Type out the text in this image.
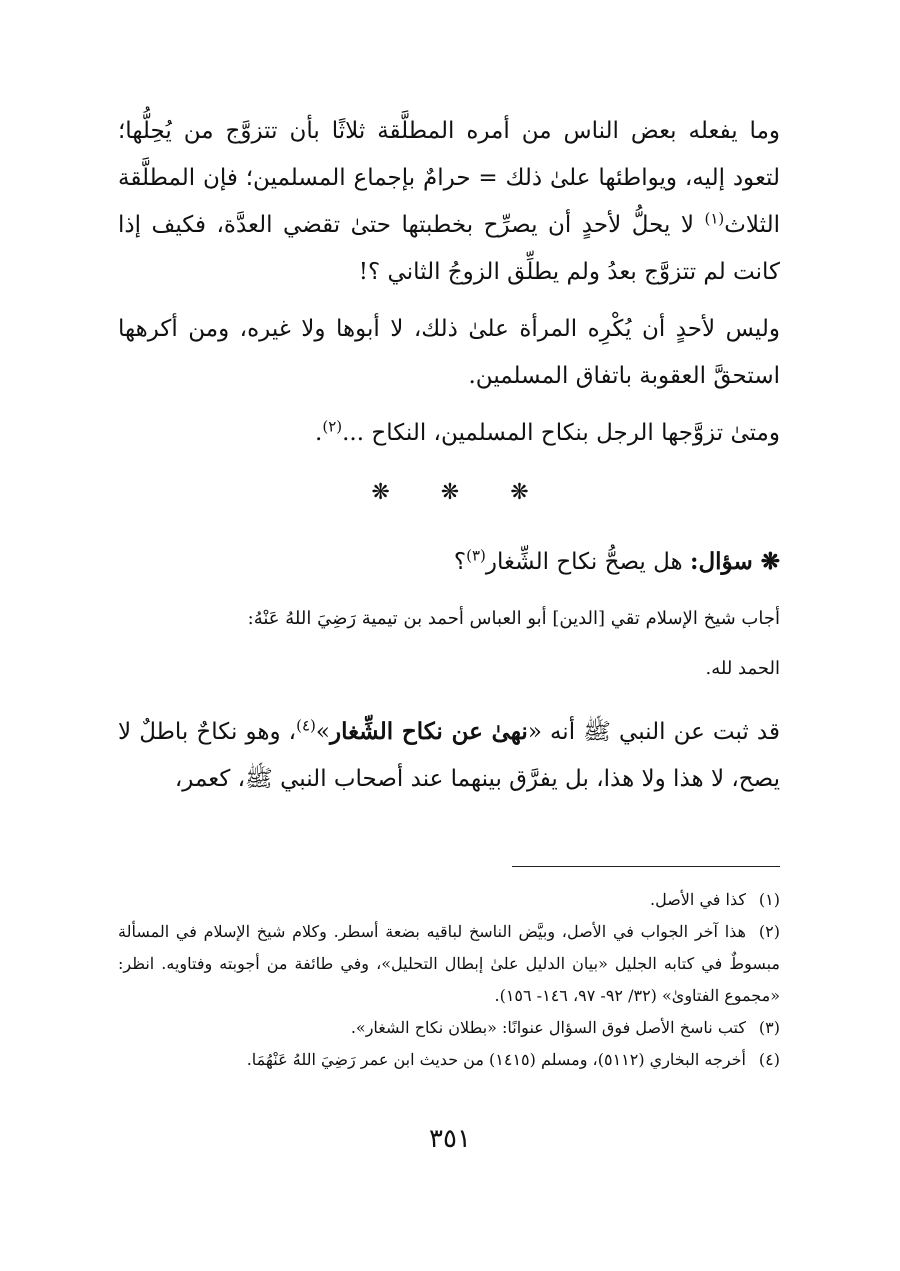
وما يفعله بعض الناس من أمره المطلَّقة ثلاثًا بأن تتزوَّج من يُحِلُّها؛ لتعود إليه، ويواطئها علىٰ ذلك = حرامٌ بإجماع المسلمين؛ فإن المطلَّقة الثلاث$^{(١)}$ لا يحلُّ لأحدٍ أن يصرِّح بخطبتها حتىٰ تقضي العدَّة، فكيف إذا كانت لم تتزوَّج بعدُ ولم يطلِّق الزوجُ الثاني ؟!

وليس لأحدٍ أن يُكْرِه المرأة علىٰ ذلك، لا أبوها ولا غيره، ومن أكرهها استحقَّ العقوبة باتفاق المسلمين.

ومتىٰ تزوَّجها الرجل بنكاح المسلمين، النكاح ...$^{(٢)}$.

❋ ❋ ❋
❋ سؤال: هل يصحُّ نكاح الشِّغار$^{(٣)}$؟
أجاب شيخ الإسلام تقي [الدين] أبو العباس أحمد بن تيمية رَضِيَ اللهُ عَنْهُ:
الحمد لله.
قد ثبت عن النبي ﷺ أنه «نهىٰ عن نكاح الشِّغار»$^{(٤)}$، وهو نكاحٌ باطلٌ لا يصح، لا هذا ولا هذا، بل يفرَّق بينهما عند أصحاب النبي ﷺ، كعمر،

(١)كذا في الأصل.

(٢)هذا آخر الجواب في الأصل، وبيَّض الناسخ لباقيه بضعة أسطر. وكلام شيخ الإسلام في المسألة مبسوطٌ في كتابه الجليل «بيان الدليل علىٰ إبطال التحليل»، وفي طائفة من أجوبته وفتاويه. انظر: «مجموع الفتاوىٰ» (٣٢/ ٩٢- ٩٧، ١٤٦- ١٥٦).

(٣)كتب ناسخ الأصل فوق السؤال عنوانًا: «بطلان نكاح الشغار».

(٤)أخرجه البخاري (٥١١٢)، ومسلم (١٤١٥) من حديث ابن عمر رَضِيَ اللهُ عَنْهُمَا.

٣٥١
